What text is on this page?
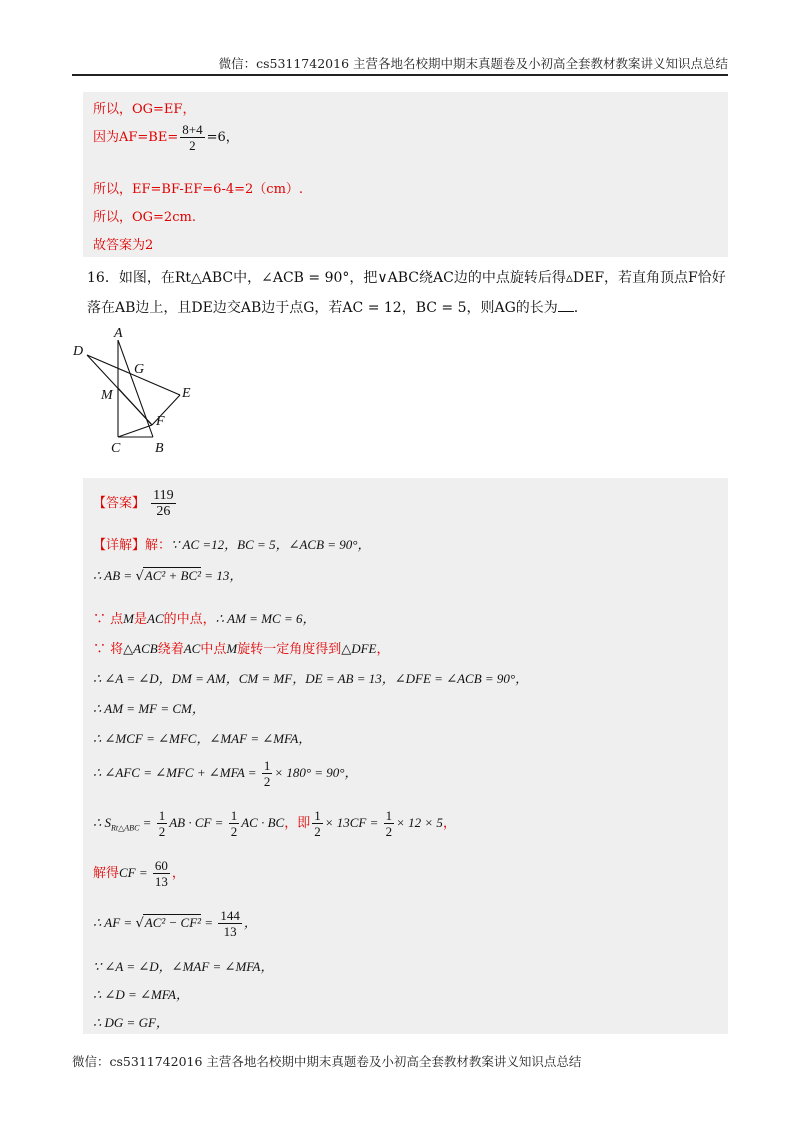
微信：cs5311742016 主营各地名校期中期末真题卷及小初高全套教材教案讲义知识点总结
所以，OG=EF，
因为$AF=BE= \frac{8+4}{2} =6$，
所以，EF=BF-EF=6-4=2（cm）.
所以，OG=2cm.
故答案为2
16．如图，在Rt△ABC中，∠ACB = 90°，把∨ABC绕AC边的中点旋转后得▵DEF，若直角顶点F恰好
落在AB边上，且DE边交AB边于点G，若AC = 12，BC = 5，则AG的长为 .
A
D
G
E
M
F
C B
【答案】 $\frac{119}{26}$
【详解】解：∵ AC =12，BC = 5，∠ACB = 90°，
∴ AB = √AC² + BC² = 13，
∵ 点M是AC的中点，∴ AM = MC = 6，
∵ 将△ACB绕着AC中点M旋转一定角度得到△DFE，
∴ ∠A = ∠D，DM = AM，CM = MF，DE = AB = 13，∠DFE = ∠ACB = 90°，
∴ AM = MF = CM，
∴ ∠MCF = ∠MFC，∠MAF = ∠MFA，
∴ ∠AFC = ∠MFC + ∠MFA = $\frac{1}{2} \times 180^\circ = 90^\circ$，
∴ $S_{Rt\triangle ABC} = \frac{1}{2}$ AB · CF = $\frac{1}{2}$ AC · BC，即 $\frac{1}{2} \times 13CF = \frac{1}{2} \times 12 \times 5$，
解得CF = $\frac{60}{13}$ ，
∴ AF = $√AC^2 - CF^2 = \frac{144}{13}$ ，
∵ ∠A = ∠D，∠MAF = ∠MFA，
∴ ∠D = ∠MFA，
∴ DG = GF，
微信：cs5311742016 主营各地名校期中期末真题卷及小初高全套教材教案讲义知识点总结
